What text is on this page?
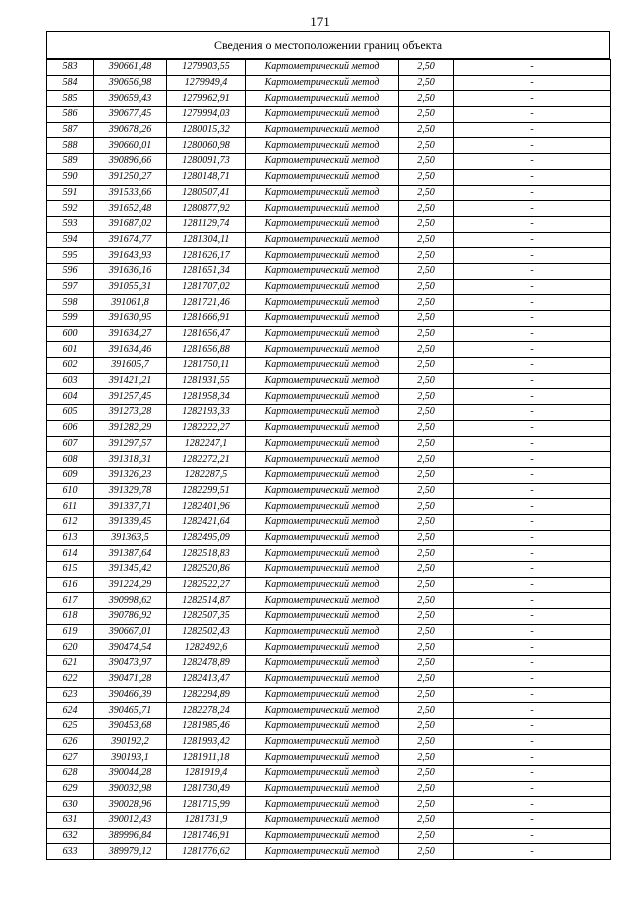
171
Сведения о местоположении границ объекта
583	390661,48	1279903,55	Картометрический метод	2,50	-
584	390656,98	1279949,4	Картометрический метод	2,50	-
585	390659,43	1279962,91	Картометрический метод	2,50	-
586	390677,45	1279994,03	Картометрический метод	2,50	-
587	390678,26	1280015,32	Картометрический метод	2,50	-
588	390660,01	1280060,98	Картометрический метод	2,50	-
589	390896,66	1280091,73	Картометрический метод	2,50	-
590	391250,27	1280148,71	Картометрический метод	2,50	-
591	391533,66	1280507,41	Картометрический метод	2,50	-
592	391652,48	1280877,92	Картометрический метод	2,50	-
593	391687,02	1281129,74	Картометрический метод	2,50	-
594	391674,77	1281304,11	Картометрический метод	2,50	-
595	391643,93	1281626,17	Картометрический метод	2,50	-
596	391636,16	1281651,34	Картометрический метод	2,50	-
597	391055,31	1281707,02	Картометрический метод	2,50	-
598	391061,8	1281721,46	Картометрический метод	2,50	-
599	391630,95	1281666,91	Картометрический метод	2,50	-
600	391634,27	1281656,47	Картометрический метод	2,50	-
601	391634,46	1281656,88	Картометрический метод	2,50	-
602	391605,7	1281750,11	Картометрический метод	2,50	-
603	391421,21	1281931,55	Картометрический метод	2,50	-
604	391257,45	1281958,34	Картометрический метод	2,50	-
605	391273,28	1282193,33	Картометрический метод	2,50	-
606	391282,29	1282222,27	Картометрический метод	2,50	-
607	391297,57	1282247,1	Картометрический метод	2,50	-
608	391318,31	1282272,21	Картометрический метод	2,50	-
609	391326,23	1282287,5	Картометрический метод	2,50	-
610	391329,78	1282299,51	Картометрический метод	2,50	-
611	391337,71	1282401,96	Картометрический метод	2,50	-
612	391339,45	1282421,64	Картометрический метод	2,50	-
613	391363,5	1282495,09	Картометрический метод	2,50	-
614	391387,64	1282518,83	Картометрический метод	2,50	-
615	391345,42	1282520,86	Картометрический метод	2,50	-
616	391224,29	1282522,27	Картометрический метод	2,50	-
617	390998,62	1282514,87	Картометрический метод	2,50	-
618	390786,92	1282507,35	Картометрический метод	2,50	-
619	390667,01	1282502,43	Картометрический метод	2,50	-
620	390474,54	1282492,6	Картометрический метод	2,50	-
621	390473,97	1282478,89	Картометрический метод	2,50	-
622	390471,28	1282413,47	Картометрический метод	2,50	-
623	390466,39	1282294,89	Картометрический метод	2,50	-
624	390465,71	1282278,24	Картометрический метод	2,50	-
625	390453,68	1281985,46	Картометрический метод	2,50	-
626	390192,2	1281993,42	Картометрический метод	2,50	-
627	390193,1	1281911,18	Картометрический метод	2,50	-
628	390044,28	1281919,4	Картометрический метод	2,50	-
629	390032,98	1281730,49	Картометрический метод	2,50	-
630	390028,96	1281715,99	Картометрический метод	2,50	-
631	390012,43	1281731,9	Картометрический метод	2,50	-
632	389996,84	1281746,91	Картометрический метод	2,50	-
633	389979,12	1281776,62	Картометрический метод	2,50	-
